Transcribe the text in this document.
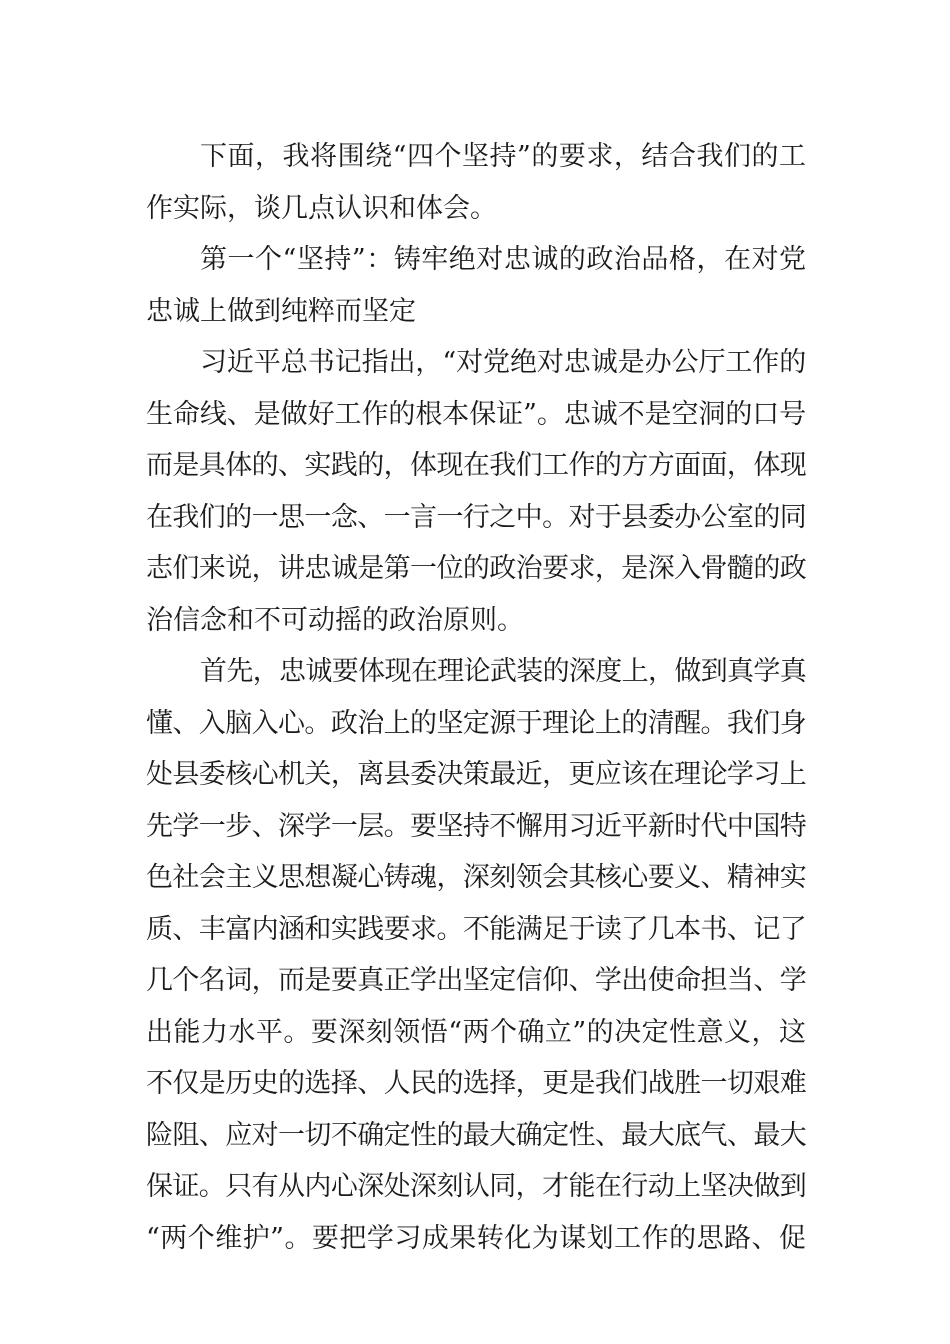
下面，我将围绕“四个坚持”的要求，结合我们的工
作实际，谈几点认识和体会。
第一个“坚持”：铸牢绝对忠诚的政治品格，在对党
忠诚上做到纯粹而坚定
习近平总书记指出，“对党绝对忠诚是办公厅工作的
生命线、是做好工作的根本保证”。忠诚不是空洞的口号
而是具体的、实践的，体现在我们工作的方方面面，体现
在我们的一思一念、一言一行之中。对于县委办公室的同
志们来说，讲忠诚是第一位的政治要求，是深入骨髓的政
治信念和不可动摇的政治原则。
首先，忠诚要体现在理论武装的深度上，做到真学真
懂、入脑入心。政治上的坚定源于理论上的清醒。我们身
处县委核心机关，离县委决策最近，更应该在理论学习上
先学一步、深学一层。要坚持不懈用习近平新时代中国特
色社会主义思想凝心铸魂，深刻领会其核心要义、精神实
质、丰富内涵和实践要求。不能满足于读了几本书、记了
几个名词，而是要真正学出坚定信仰、学出使命担当、学
出能力水平。要深刻领悟“两个确立”的决定性意义，这
不仅是历史的选择、人民的选择，更是我们战胜一切艰难
险阻、应对一切不确定性的最大确定性、最大底气、最大
保证。只有从内心深处深刻认同，才能在行动上坚决做到
“两个维护”。要把学习成果转化为谋划工作的思路、促
